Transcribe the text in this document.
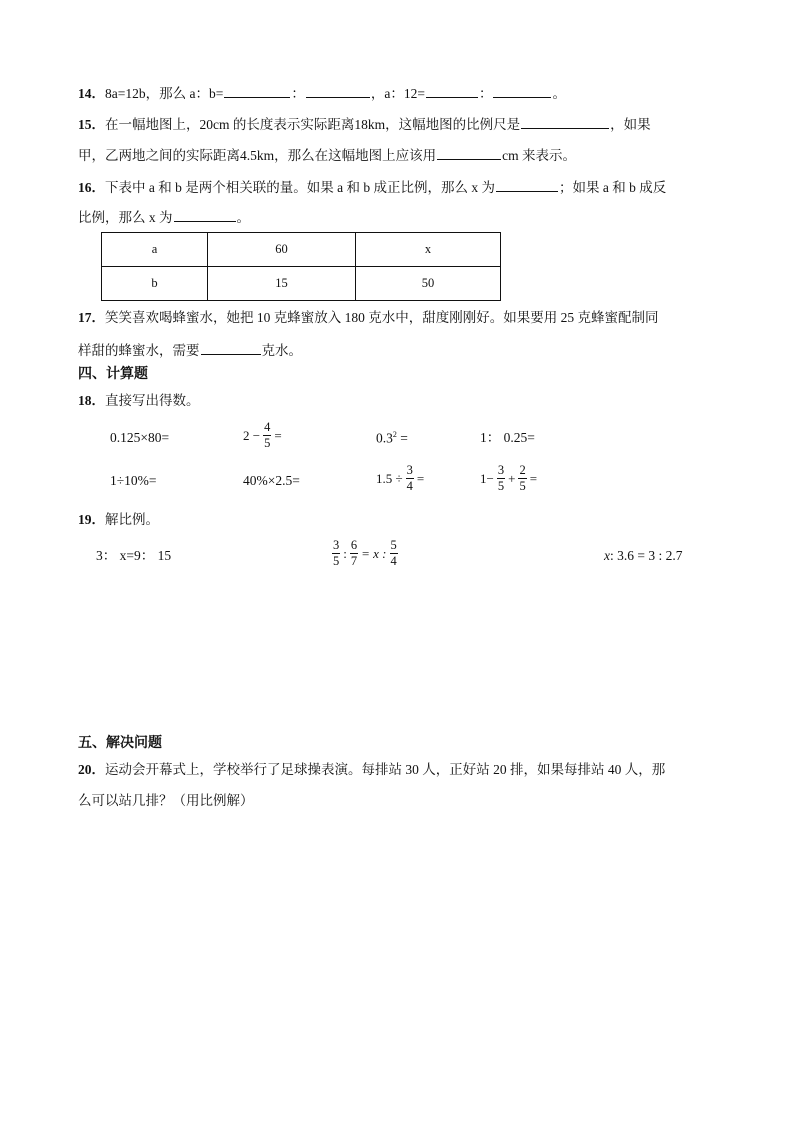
14．8a=12b，那么 a：b=	：	，a：12=	：	。
15．在一幅地图上，20cm 的长度表示实际距离18km，这幅地图的比例尺是	，如果
甲，乙两地之间的实际距离4.5km，那么在这幅地图上应该用	cm 来表示。
16．下表中 a 和 b 是两个相关联的量。如果 a 和 b 成正比例，那么 x 为	；如果 a 和 b 成反
比例，那么 x 为	。
a	60	x
b	15	50
17．笑笑喜欢喝蜂蜜水，她把 10 克蜂蜜放入 180 克水中，甜度刚刚好。如果要用 25 克蜂蜜配制同
样甜的蜂蜜水，需要	克水。
四、计算题
18．直接写出得数。
0.125×80=	$2 - \frac{4}{5}$ =	$0.3^2$ =	1： 0.25=
1÷10%=	40%×2.5=	$1.5 \div \frac{3}{4}$ =	$1- \frac{3}{5} + \frac{2}{5}$ =
19．解比例。
3： x=9： 15	$\frac{3}{5}$ : $\frac{6}{7} = x$ : $\frac{5}{4}$	x: 3.6 = 3 : 2.7
五、解决问题
20．运动会开幕式上，学校举行了足球操表演。每排站 30 人，正好站 20 排，如果每排站 40 人，那
么可以站几排？（用比例解）
